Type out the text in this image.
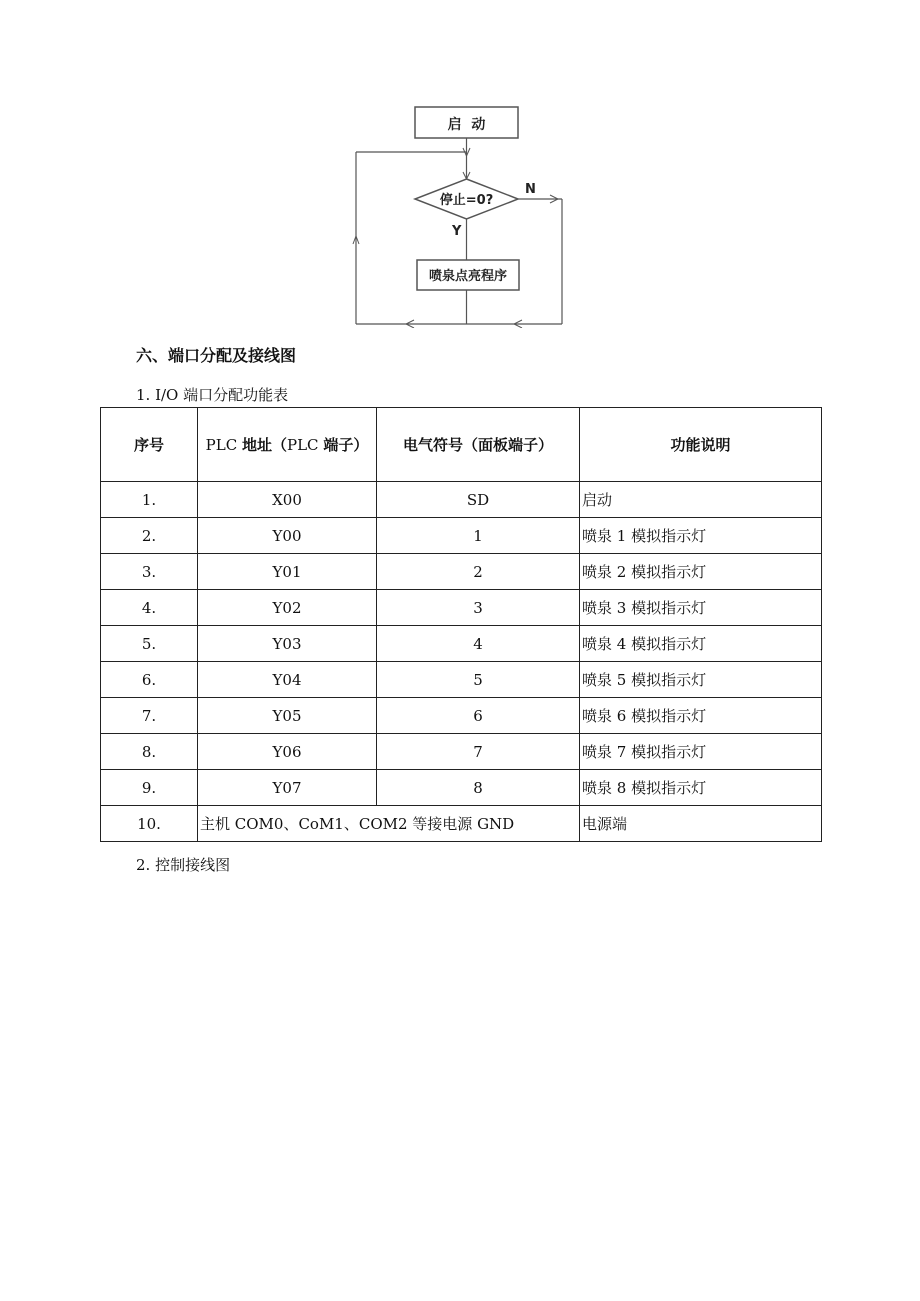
启  动
停止=0?
N
Y
喷泉点亮程序
六、端口分配及接线图
1. I/O 端口分配功能表
序号	PLC 地址（PLC 端子）	电气符号（面板端子）	功能说明
1.	X00	SD	启动
2.	Y00	1	喷泉 1 模拟指示灯
3.	Y01	2	喷泉 2 模拟指示灯
4.	Y02	3	喷泉 3 模拟指示灯
5.	Y03	4	喷泉 4 模拟指示灯
6.	Y04	5	喷泉 5 模拟指示灯
7.	Y05	6	喷泉 6 模拟指示灯
8.	Y06	7	喷泉 7 模拟指示灯
9.	Y07	8	喷泉 8 模拟指示灯
10.	主机 COM0、CoM1、COM2 等接电源 GND		电源端
2. 控制接线图
